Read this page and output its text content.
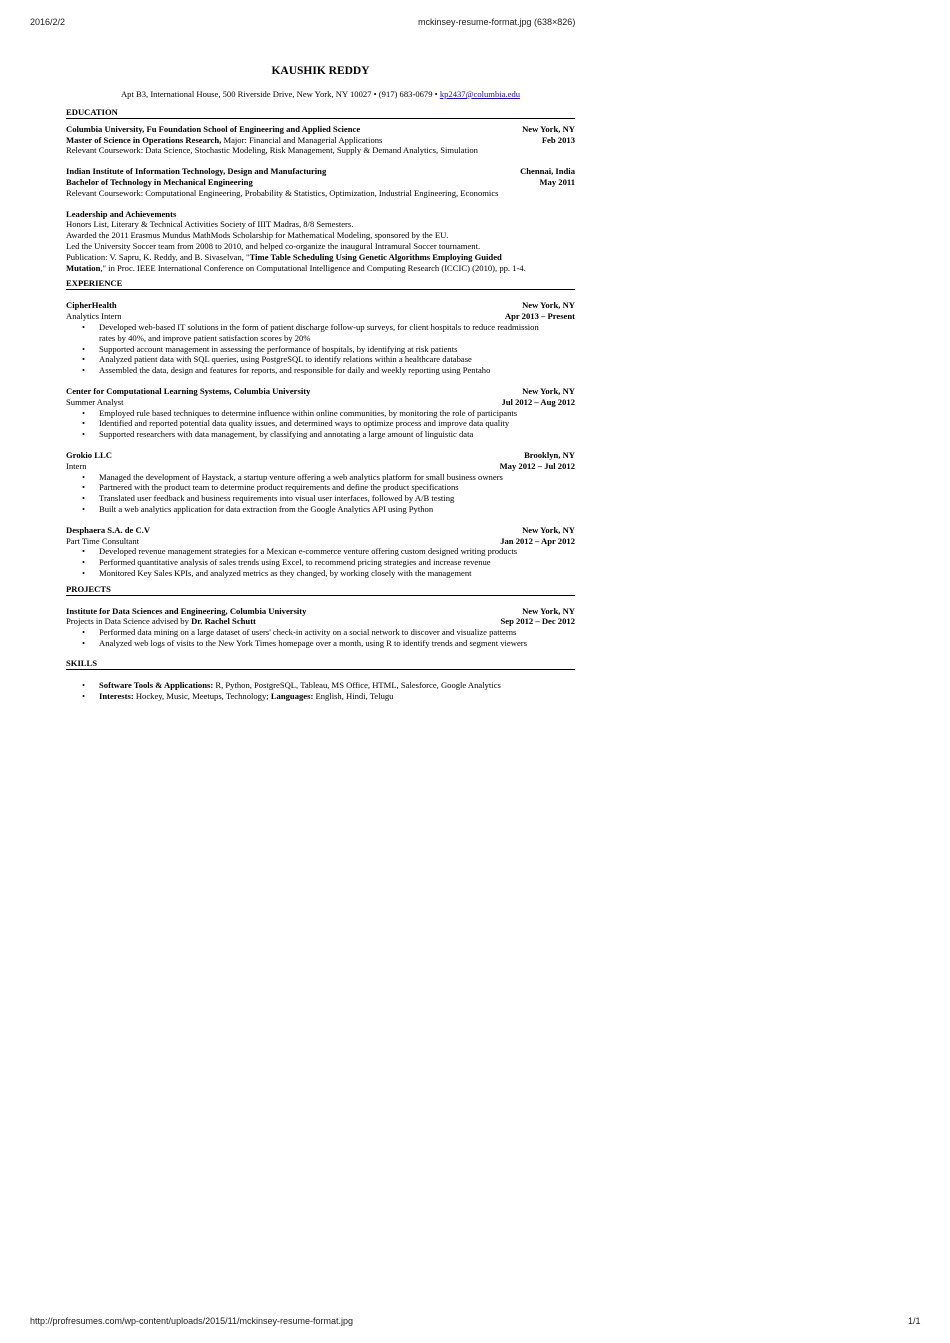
2016/2/2	mckinsey-resume-format.jpg (638×826)
KAUSHIK REDDY
Apt B3, International House, 500 Riverside Drive, New York, NY 10027 • (917) 683-0679 • kp2437@columbia.edu
EDUCATION
Columbia University, Fu Foundation School of Engineering and Applied Science	New York, NY
Master of Science in Operations Research, Major: Financial and Managerial Applications	Feb 2013
Relevant Coursework: Data Science, Stochastic Modeling, Risk Management, Supply & Demand Analytics, Simulation
Indian Institute of Information Technology, Design and Manufacturing	Chennai, India
Bachelor of Technology in Mechanical Engineering	May 2011
Relevant Coursework: Computational Engineering, Probability & Statistics, Optimization, Industrial Engineering, Economics
Leadership and Achievements
Honors List, Literary & Technical Activities Society of IIIT Madras, 8/8 Semesters.
Awarded the 2011 Erasmus Mundus MathMods Scholarship for Mathematical Modeling, sponsored by the EU.
Led the University Soccer team from 2008 to 2010, and helped co-organize the inaugural Intramural Soccer tournament.
Publication: V. Sapru, K. Reddy, and B. Sivaselvan, "Time Table Scheduling Using Genetic Algorithms Employing Guided
Mutation," in Proc. IEEE International Conference on Computational Intelligence and Computing Research (ICCIC) (2010), pp. 1-4.
EXPERIENCE
CipherHealth	New York, NY
Analytics Intern	Apr 2013 – Present
• Developed web-based IT solutions in the form of patient discharge follow-up surveys, for client hospitals to reduce readmission rates by 40%, and improve patient satisfaction scores by 20%
• Supported account management in assessing the performance of hospitals, by identifying at risk patients
• Analyzed patient data with SQL queries, using PostgreSQL to identify relations within a healthcare database
• Assembled the data, design and features for reports, and responsible for daily and weekly reporting using Pentaho
Center for Computational Learning Systems, Columbia University	New York, NY
Summer Analyst	Jul 2012 – Aug 2012
• Employed rule based techniques to determine influence within online communities, by monitoring the role of participants
• Identified and reported potential data quality issues, and determined ways to optimize process and improve data quality
• Supported researchers with data management, by classifying and annotating a large amount of linguistic data
Grokio LLC	Brooklyn, NY
Intern	May 2012 – Jul 2012
• Managed the development of Haystack, a startup venture offering a web analytics platform for small business owners
• Partnered with the product team to determine product requirements and define the product specifications
• Translated user feedback and business requirements into visual user interfaces, followed by A/B testing
• Built a web analytics application for data extraction from the Google Analytics API using Python
Desphaera S.A. de C.V	New York, NY
Part Time Consultant	Jan 2012 – Apr 2012
• Developed revenue management strategies for a Mexican e-commerce venture offering custom designed writing products
• Performed quantitative analysis of sales trends using Excel, to recommend pricing strategies and increase revenue
• Monitored Key Sales KPIs, and analyzed metrics as they changed, by working closely with the management
PROJECTS
Institute for Data Sciences and Engineering, Columbia University	New York, NY
Projects in Data Science advised by Dr. Rachel Schutt	Sep 2012 – Dec 2012
• Performed data mining on a large dataset of users' check-in activity on a social network to discover and visualize patterns
• Analyzed web logs of visits to the New York Times homepage over a month, using R to identify trends and segment viewers
SKILLS
• Software Tools & Applications: R, Python, PostgreSQL, Tableau, MS Office, HTML, Salesforce, Google Analytics
• Interests: Hockey, Music, Meetups, Technology; Languages: English, Hindi, Telugu
http://profresumes.com/wp-content/uploads/2015/11/mckinsey-resume-format.jpg	1/1
